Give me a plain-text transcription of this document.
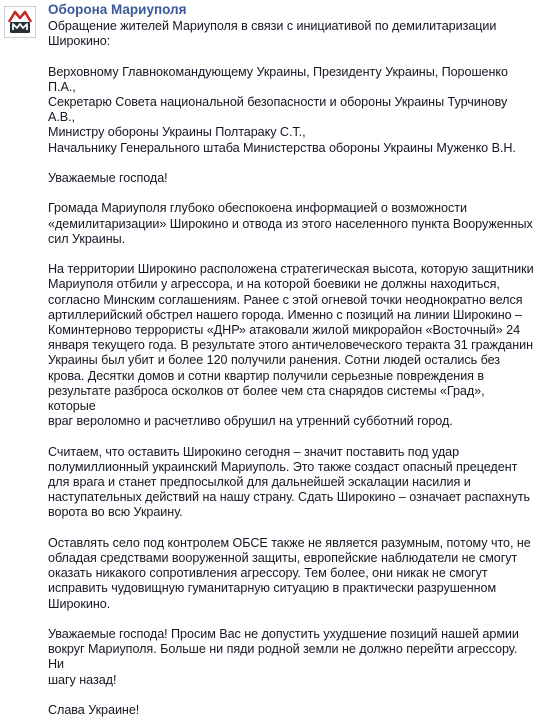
Оборона Мариуполя

Обращение жителей Мариуполя в связи с инициативой по демилитаризации
Широкино:

Верховному Главнокомандующему Украины, Президенту Украины, Порошенко
П.А.,
Секретарю Совета национальной безопасности и обороны Украины Турчинову
А.В.,
Министру обороны Украины Полтараку С.Т.,
Начальнику Генерального штаба Министерства обороны Украины Муженко В.Н.

Уважаемые господа!

Громада Мариуполя глубоко обеспокоена информацией о возможности
«демилитаризации» Широкино и отвода из этого населенного пункта Вооруженных
сил Украины.

На территории Широкино расположена стратегическая высота, которую защитники
Мариуполя отбили у агрессора, и на которой боевики не должны находиться,
согласно Минским соглашениям. Ранее с этой огневой точки неоднократно велся
артиллерийский обстрел нашего города. Именно с позиций на линии Широкино –
Коминтерново террористы «ДНР» атаковали жилой микрорайон «Восточный» 24
января текущего года. В результате этого античеловеческого теракта 31 гражданин
Украины был убит и более 120 получили ранения. Сотни людей остались без
крова. Десятки домов и сотни квартир получили серьезные повреждения в
результате разброса осколков от более чем ста снарядов системы «Град», которые
враг вероломно и расчетливо обрушил на утренний субботний город.

Считаем, что оставить Широкино сегодня – значит поставить под удар
полумиллионный украинский Мариуполь. Это также создаст опасный прецедент
для врага и станет предпосылкой для дальнейшей эскалации насилия и
наступательных действий на нашу страну. Сдать Широкино – означает распахнуть
ворота во всю Украину.

Оставлять село под контролем ОБСЕ также не является разумным, потому что, не
обладая средствами вооруженной защиты, европейские наблюдатели не смогут
оказать никакого сопротивления агрессору. Тем более, они никак не смогут
исправить чудовищную гуманитарную ситуацию в практически разрушенном
Широкино.

Уважаемые господа! Просим Вас не допустить ухудшение позиций нашей армии
вокруг Мариуполя. Больше ни пяди родной земли не должно перейти агрессору. Ни
шагу назад!

Слава Украине!
